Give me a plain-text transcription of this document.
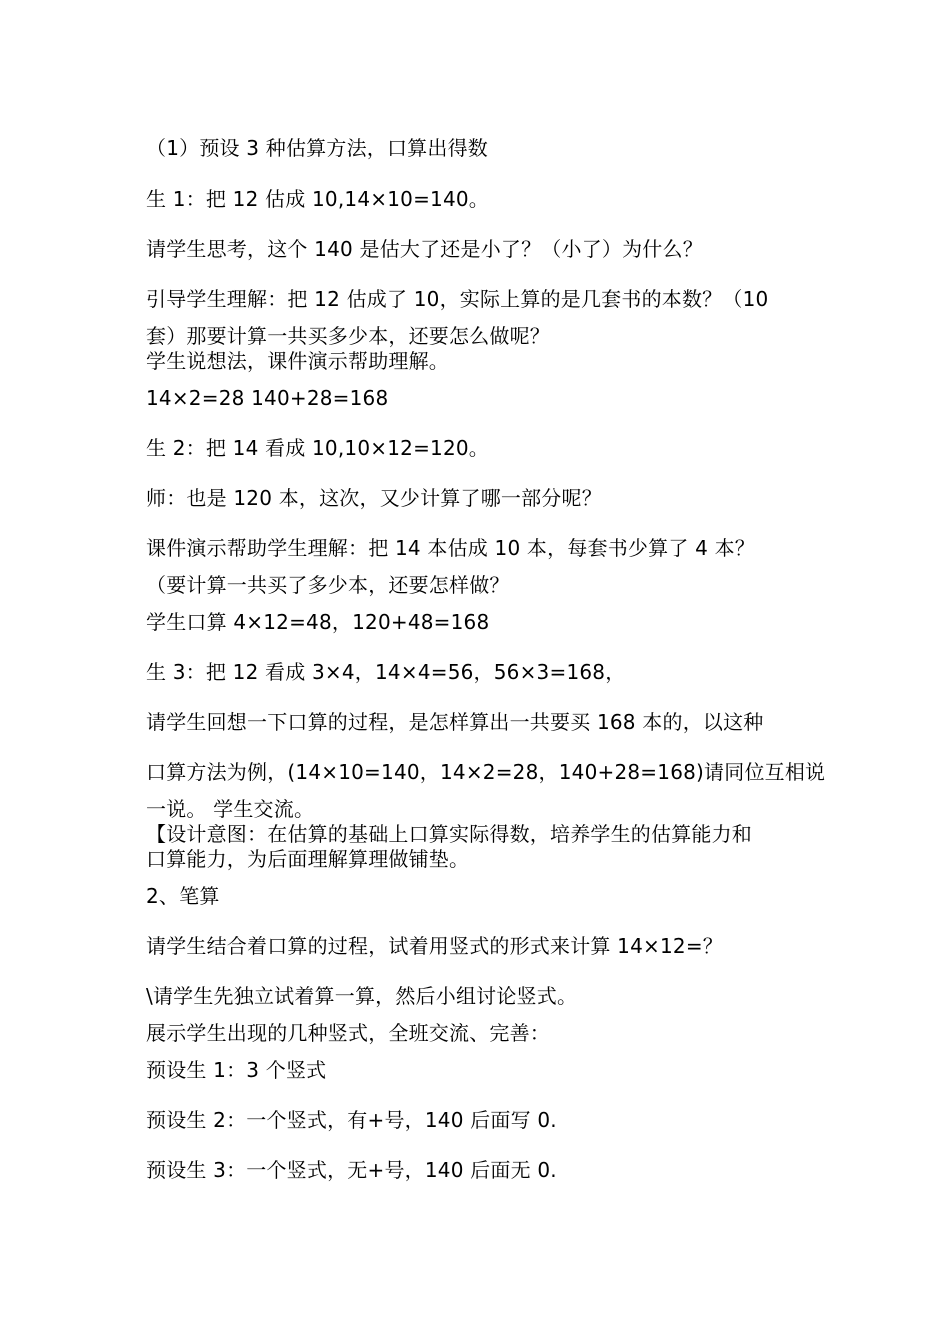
（1）预设 3 种估算方法，口算出得数
生 1：把 12 估成 10,14×10=140。
请学生思考，这个 140 是估大了还是小了？（小了）为什么？
引导学生理解：把 12 估成了 10，实际上算的是几套书的本数？（10
套）那要计算一共买多少本，还要怎么做呢？
学生说想法，课件演示帮助理解。
14×2=28 140+28=168
生 2：把 14 看成 10,10×12=120。
师：也是 120 本，这次，又少计算了哪一部分呢？
课件演示帮助学生理解：把 14 本估成 10 本，每套书少算了 4 本？
（要计算一共买了多少本，还要怎样做？
学生口算 4×12=48，120+48=168
生 3：把 12 看成 3×4，14×4=56，56×3=168，
请学生回想一下口算的过程，是怎样算出一共要买 168 本的，以这种
口算方法为例，(14×10=140，14×2=28，140+28=168)请同位互相说
一说。 学生交流。
【设计意图：在估算的基础上口算实际得数，培养学生的估算能力和
口算能力，为后面理解算理做铺垫。
2、笔算
请学生结合着口算的过程，试着用竖式的形式来计算 14×12=？
\请学生先独立试着算一算，然后小组讨论竖式。
展示学生出现的几种竖式，全班交流、完善：
预设生 1：3 个竖式
预设生 2：一个竖式，有+号，140 后面写 0.
预设生 3：一个竖式，无+号，140 后面无 0.
